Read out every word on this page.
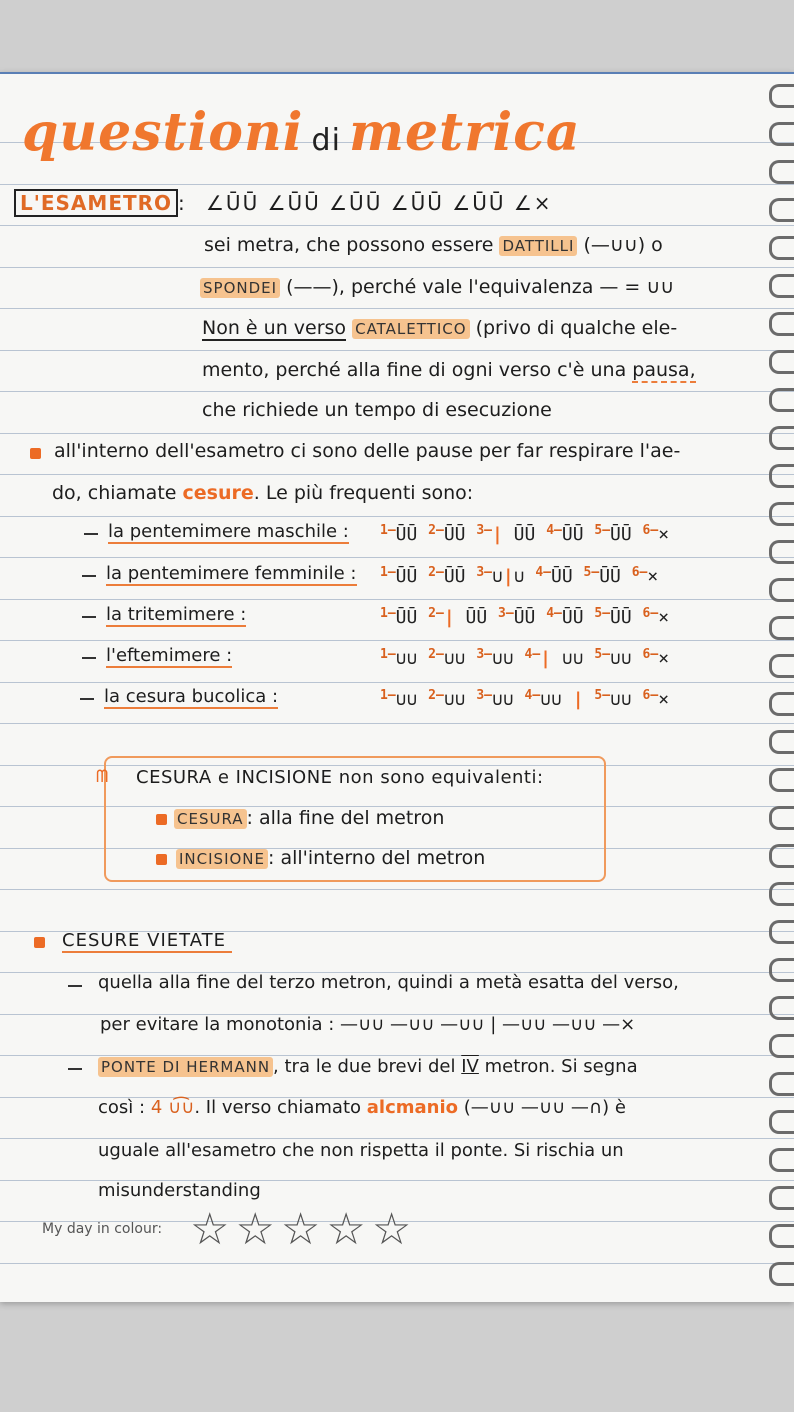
questioni di metrica
L'ESAMETRO : ∠ŪŪ ∠ŪŪ ∠ŪŪ ∠ŪŪ ∠ŪŪ ∠×
sei metra, che possono essere DATTILLI (—∪∪) o
SPONDEI (——), perché vale l'equivalenza — = ∪∪
Non è un verso CATALETTICO (privo di qualche ele-
mento, perché alla fine di ogni verso c'è una pausa,
che richiede un tempo di esecuzione
all'interno dell'esametro ci sono delle pause per far respirare l'ae-
do, chiamate cesure. Le più frequenti sono:
la pentemimere maschile : $^{1—}$ŪŪ $^{2—}$ŪŪ $^{3—}$| ŪŪ $^{4—}$ŪŪ $^{5—}$ŪŪ $^{6—}$×
la pentemimere femminile : $^{1—}$ŪŪ $^{2—}$ŪŪ $^{3—}$∪|∪ $^{4—}$ŪŪ $^{5—}$ŪŪ $^{6—}$×
la tritemimere :	$^{1—}$ŪŪ $^{2—}$| ŪŪ $^{3—}$ŪŪ $^{4—}$ŪŪ $^{5—}$ŪŪ $^{6—}$×
l'eftemimere :	$^{1—}$∪∪ $^{2—}$∪∪ $^{3—}$∪∪ $^{4—}$| ∪∪ $^{5—}$∪∪ $^{6—}$×
la cesura bucolica :	$^{1—}$∪∪ $^{2—}$∪∪ $^{3—}$∪∪ $^{4—}$∪∪ | $^{5—}$∪∪ $^{6—}$×
ᗰ CESURA e INCISIONE non sono equivalenti:
CESURA : alla fine del metron
INCISIONE : all'interno del metron
CESURE VIETATE
quella alla fine del terzo metron, quindi a metà esatta del verso,
per evitare la monotonia : —∪∪ —∪∪ —∪∪ | —∪∪ —∪∪ —×
PONTE DI HERMANN , tra le due brevi del IV metron. Si segna
così : 4 ∪͡∪. Il verso chiamato alcmanio (—∪∪ —∪∪ —∩) è
uguale all'esametro che non rispetta il ponte. Si rischia un
misunderstanding
My day in colour: ☆ ☆ ☆ ☆ ☆
